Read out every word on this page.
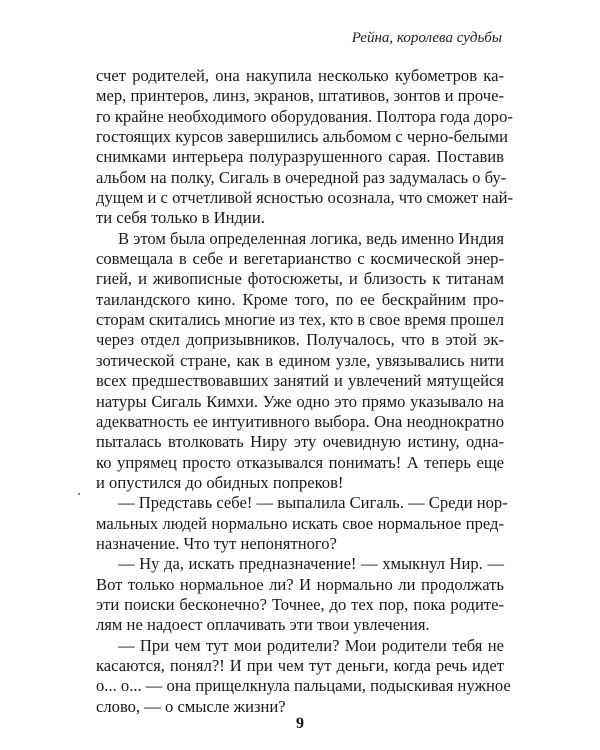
Рейна, королева судьбы
счет родителей, она накупила несколько кубометров ка-
мер, принтеров, линз, экранов, штативов, зонтов и проче-
го крайне необходимого оборудования. Полтора года доро-
гостоящих курсов завершились альбомом с черно-белыми
снимками интерьера полуразрушенного сарая. Поставив
альбом на полку, Сигаль в очередной раз задумалась о бу-
дущем и с отчетливой ясностью осознала, что сможет най-
ти себя только в Индии.
В этом была определенная логика, ведь именно Индия
совмещала в себе и вегетарианство с космической энер-
гией, и живописные фотосюжеты, и близость к титанам
таиландского кино. Кроме того, по ее бескрайним про-
сторам скитались многие из тех, кто в свое время прошел
через отдел допризывников. Получалось, что в этой эк-
зотической стране, как в едином узле, увязывались нити
всех предшествовавших занятий и увлечений мятущейся
натуры Сигаль Кимхи. Уже одно это прямо указывало на
адекватность ее интуитивного выбора. Она неоднократно
пыталась втолковать Ниру эту очевидную истину, одна-
ко упрямец просто отказывался понимать! А теперь еще
и опустился до обидных попреков!
— Представь себе! — выпалила Сигаль. — Среди нор-
мальных людей нормально искать свое нормальное пред-
назначение. Что тут непонятного?
— Ну да, искать предназначение! — хмыкнул Нир. —
Вот только нормальное ли? И нормально ли продолжать
эти поиски бесконечно? Точнее, до тех пор, пока родите-
лям не надоест оплачивать эти твои увлечения.
— При чем тут мои родители? Мои родители тебя не
касаются, понял?! И при чем тут деньги, когда речь идет
о... о... — она прищелкнула пальцами, подыскивая нужное
слово, — о смысле жизни?
9
